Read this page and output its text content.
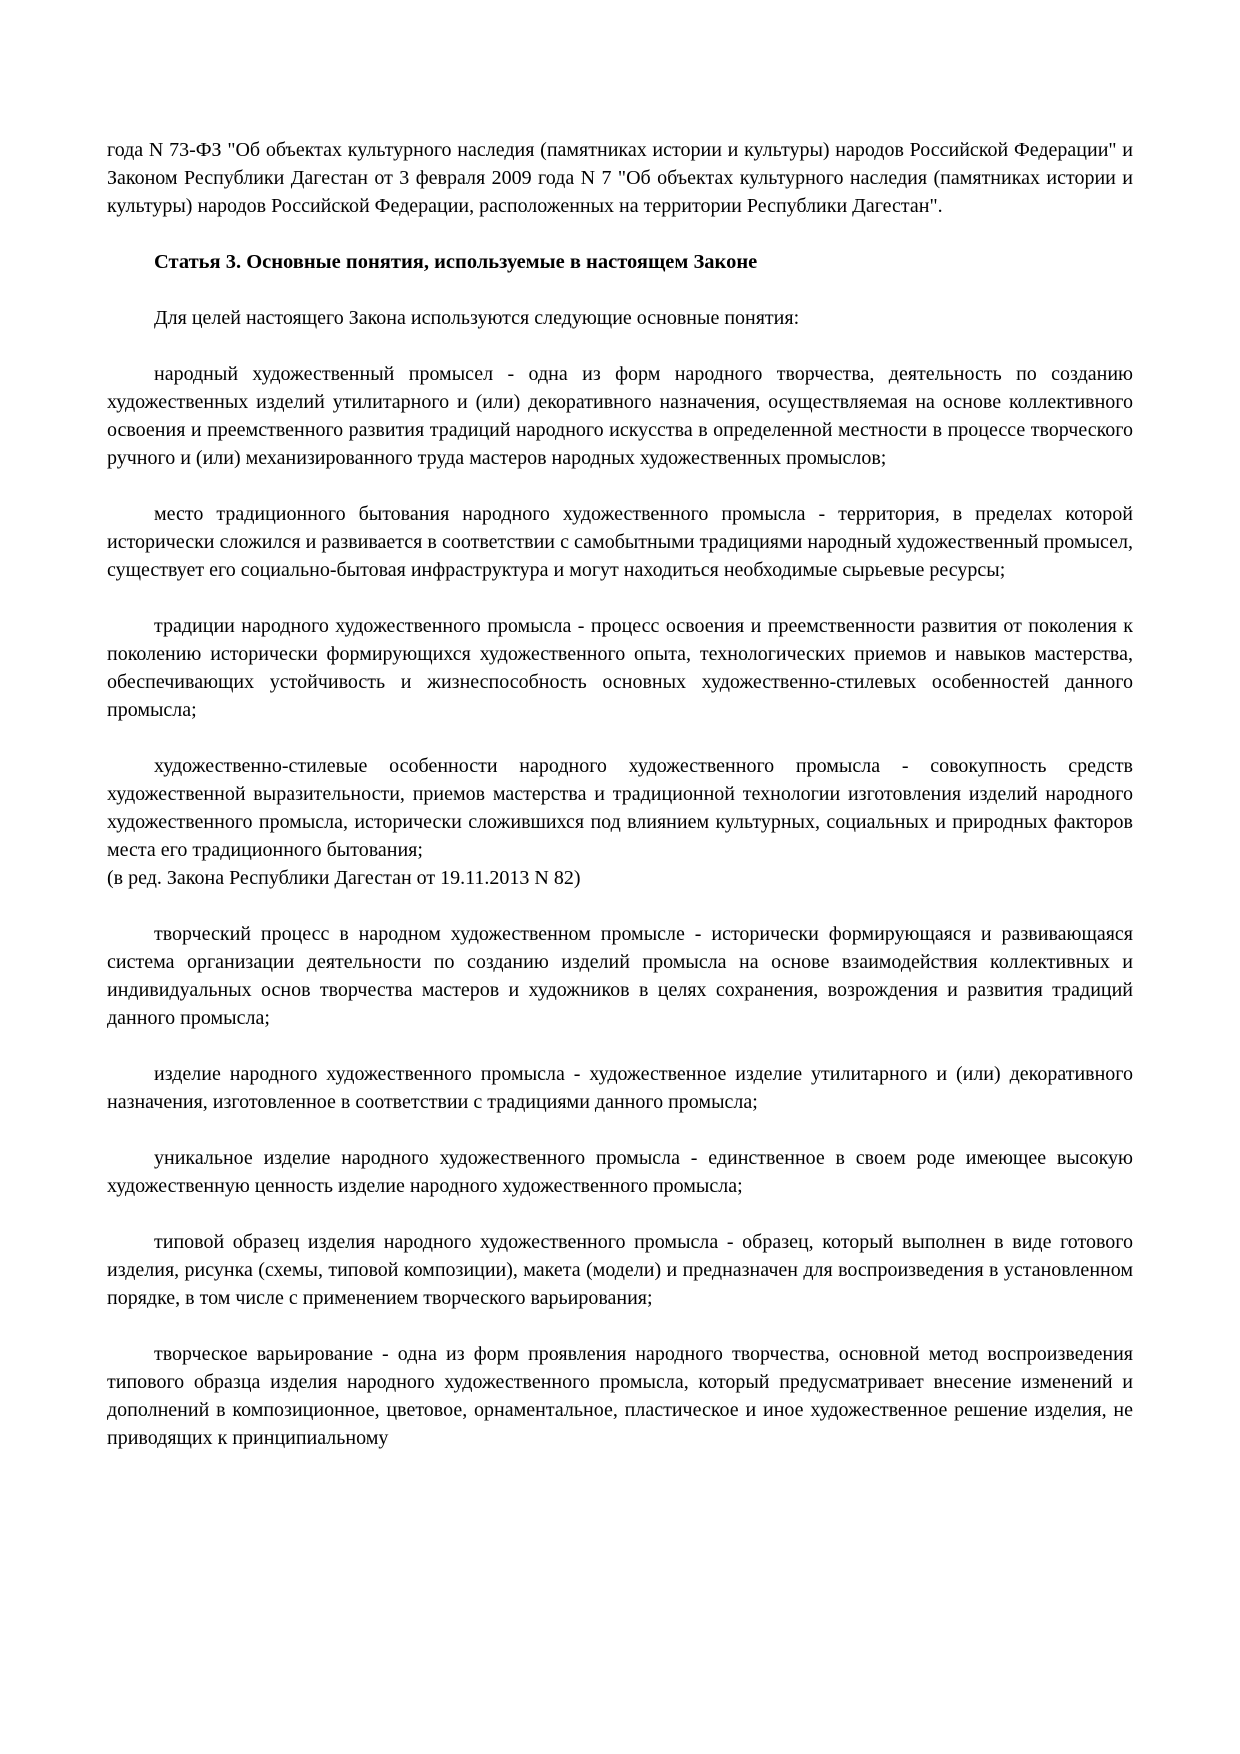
года N 73-ФЗ "Об объектах культурного наследия (памятниках истории и культуры) народов Российской Федерации" и Законом Республики Дагестан от 3 февраля 2009 года N 7 "Об объектах культурного наследия (памятниках истории и культуры) народов Российской Федерации, расположенных на территории Республики Дагестан".

Статья 3. Основные понятия, используемые в настоящем Законе

Для целей настоящего Закона используются следующие основные понятия:

народный художественный промысел - одна из форм народного творчества, деятельность по созданию художественных изделий утилитарного и (или) декоративного назначения, осуществляемая на основе коллективного освоения и преемственного развития традиций народного искусства в определенной местности в процессе творческого ручного и (или) механизированного труда мастеров народных художественных промыслов;

место традиционного бытования народного художественного промысла - территория, в пределах которой исторически сложился и развивается в соответствии с самобытными традициями народный художественный промысел, существует его социально-бытовая инфраструктура и могут находиться необходимые сырьевые ресурсы;

традиции народного художественного промысла - процесс освоения и преемственности развития от поколения к поколению исторически формирующихся художественного опыта, технологических приемов и навыков мастерства, обеспечивающих устойчивость и жизнеспособность основных художественно-стилевых особенностей данного промысла;

художественно-стилевые особенности народного художественного промысла - совокупность средств художественной выразительности, приемов мастерства и традиционной технологии изготовления изделий народного художественного промысла, исторически сложившихся под влиянием культурных, социальных и природных факторов места его традиционного бытования;

(в ред. Закона Республики Дагестан от 19.11.2013 N 82)

творческий процесс в народном художественном промысле - исторически формирующаяся и развивающаяся система организации деятельности по созданию изделий промысла на основе взаимодействия коллективных и индивидуальных основ творчества мастеров и художников в целях сохранения, возрождения и развития традиций данного промысла;

изделие народного художественного промысла - художественное изделие утилитарного и (или) декоративного назначения, изготовленное в соответствии с традициями данного промысла;

уникальное изделие народного художественного промысла - единственное в своем роде имеющее высокую художественную ценность изделие народного художественного промысла;

типовой образец изделия народного художественного промысла - образец, который выполнен в виде готового изделия, рисунка (схемы, типовой композиции), макета (модели) и предназначен для воспроизведения в установленном порядке, в том числе с применением творческого варьирования;

творческое варьирование - одна из форм проявления народного творчества, основной метод воспроизведения типового образца изделия народного художественного промысла, который предусматривает внесение изменений и дополнений в композиционное, цветовое, орнаментальное, пластическое и иное художественное решение изделия, не приводящих к принципиальному
